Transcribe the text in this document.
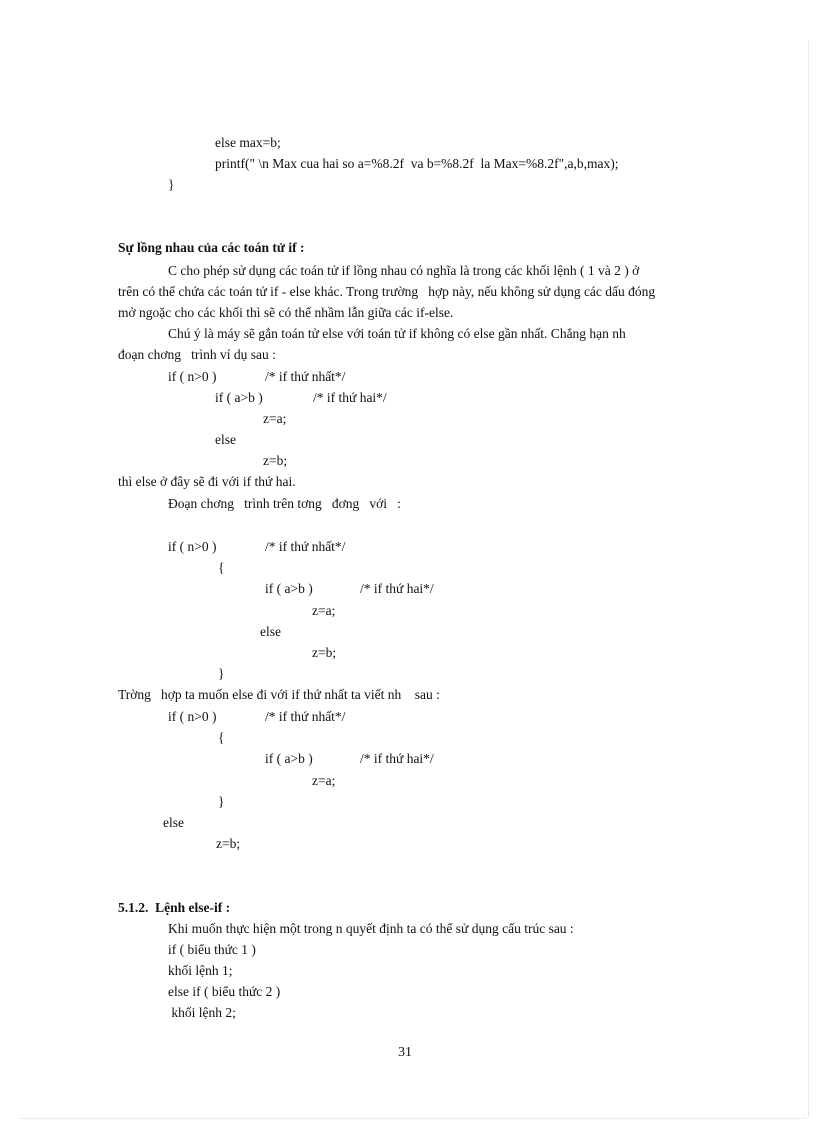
else max=b;
printf(" \n Max cua hai so a=%8.2f  va b=%8.2f  la Max=%8.2f",a,b,max);
}
Sự lồng nhau của các toán tử if :
C cho phép sử dụng các toán tử if lồng nhau có nghĩa là trong các khối lệnh ( 1 và 2 ) ở
trên có thể chứa các toán tử if - else khác. Trong trường   hợp này, nếu không sử dụng các dấu đóng
mở ngoặc cho các khối thì sẽ có thể nhầm lẫn giữa các if-else.
Chú ý là máy sẽ gắn toán tử else với toán tử if không có else gần nhất. Chẳng hạn nh
đoạn chơng   trình ví dụ sau :
if ( n>0 )	/* if thứ nhất*/
if ( a>b )	/* if thứ hai*/
z=a;
else
z=b;
thì else ở đây sẽ đi với if thứ hai.
Đoạn chơng   trình trên tơng   đơng   với   :
if ( n>0 )	/* if thứ nhất*/
{
if ( a>b )	/* if thứ hai*/
z=a;
else
z=b;
}
Trờng   hợp ta muốn else đi với if thứ nhất ta viết nh    sau :
if ( n>0 )	/* if thứ nhất*/
{
if ( a>b )	/* if thứ hai*/
z=a;
}
else
z=b;
5.1.2.  Lệnh else-if :
Khi muốn thực hiện một trong n quyết định ta có thể sử dụng cấu trúc sau :
if ( biểu thức 1 )
khối lệnh 1;
else if ( biểu thức 2 )
khối lệnh 2;
31
